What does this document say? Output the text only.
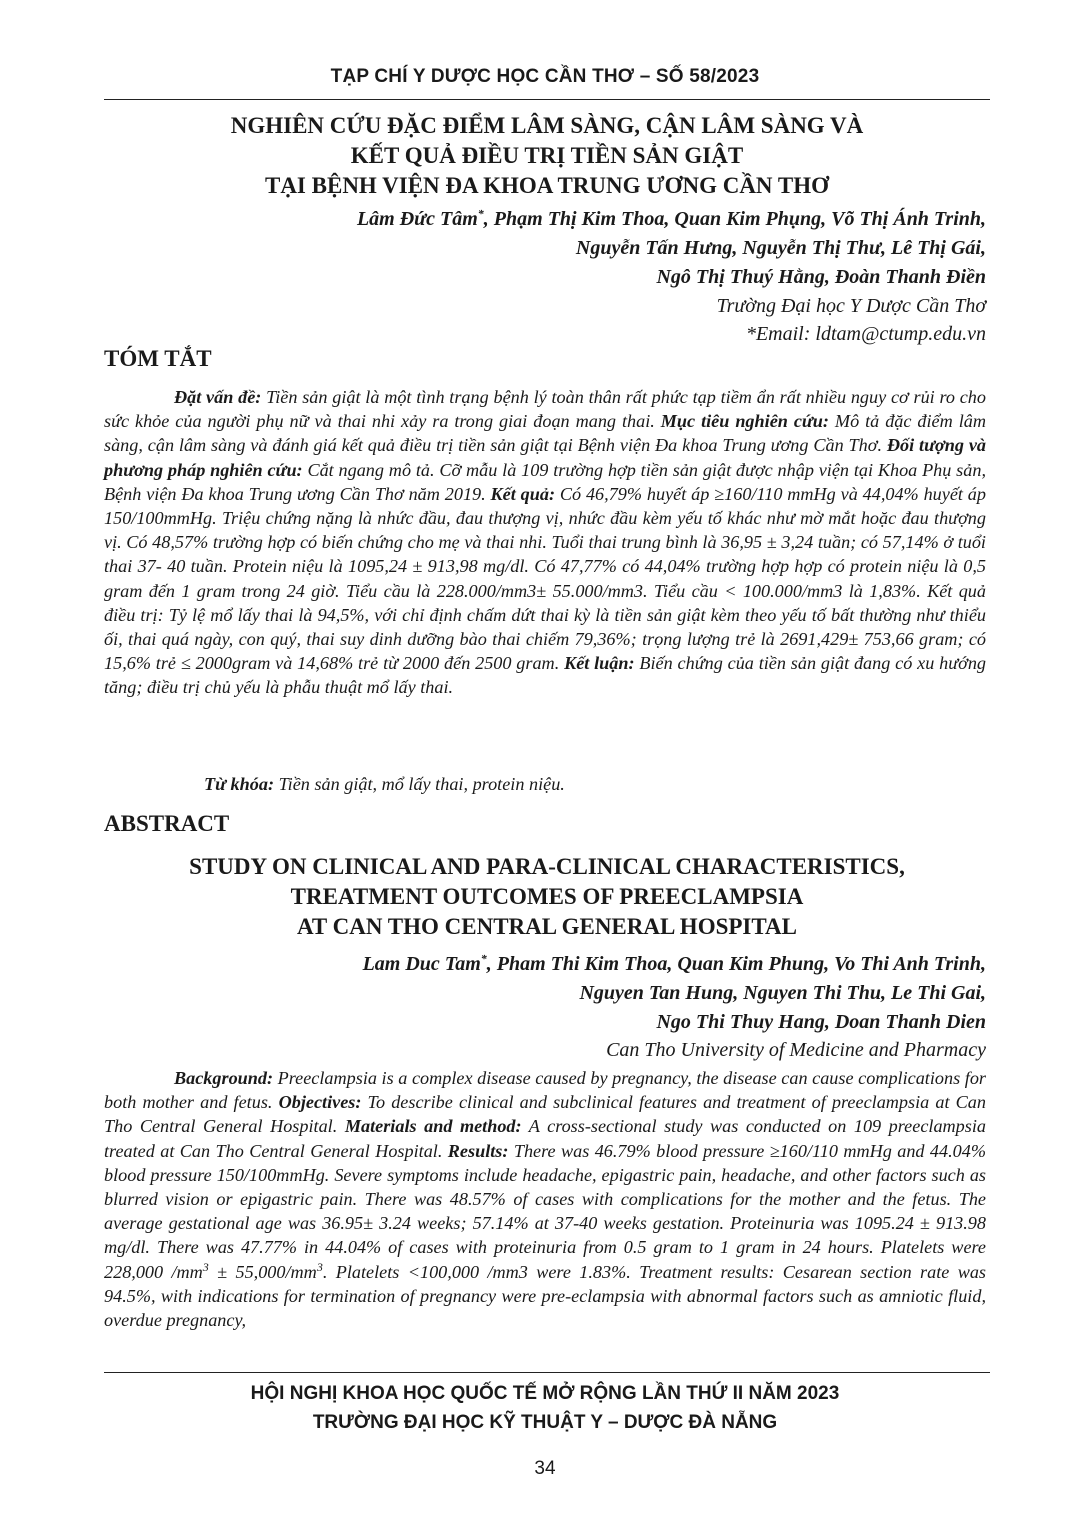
TẠP CHÍ Y DƯỢC HỌC CẦN THƠ – SỐ 58/2023
NGHIÊN CỨU ĐẶC ĐIỂM LÂM SÀNG, CẬN LÂM SÀNG VÀ
KẾT QUẢ ĐIỀU TRỊ TIỀN SẢN GIẬT
TẠI BỆNH VIỆN ĐA KHOA TRUNG ƯƠNG CẦN THƠ
Lâm Đức Tâm*, Phạm Thị Kim Thoa, Quan Kim Phụng, Võ Thị Ánh Trinh,
Nguyễn Tấn Hưng, Nguyễn Thị Thư, Lê Thị Gái,
Ngô Thị Thuý Hằng, Đoàn Thanh Điền
Trường Đại học Y Dược Cần Thơ
*Email: ldtam@ctump.edu.vn
TÓM TẮT

Đặt vấn đề: Tiền sản giật là một tình trạng bệnh lý toàn thân rất phức tạp tiềm ẩn rất nhiều nguy cơ rủi ro cho sức khỏe của người phụ nữ và thai nhi xảy ra trong giai đoạn mang thai. Mục tiêu nghiên cứu: Mô tả đặc điểm lâm sàng, cận lâm sàng và đánh giá kết quả điều trị tiền sản giật tại Bệnh viện Đa khoa Trung ương Cần Thơ. Đối tượng và phương pháp nghiên cứu: Cắt ngang mô tả. Cỡ mẫu là 109 trường hợp tiền sản giật được nhập viện tại Khoa Phụ sản, Bệnh viện Đa khoa Trung ương Cần Thơ năm 2019. Kết quả: Có 46,79% huyết áp ≥160/110 mmHg và 44,04% huyết áp 150/100mmHg. Triệu chứng nặng là nhức đầu, đau thượng vị, nhức đầu kèm yếu tố khác như mờ mắt hoặc đau thượng vị. Có 48,57% trường hợp có biến chứng cho mẹ và thai nhi. Tuổi thai trung bình là 36,95 ± 3,24 tuần; có 57,14% ở tuổi thai 37- 40 tuần. Protein niệu là 1095,24 ± 913,98 mg/dl. Có 47,77% có 44,04% trường hợp hợp có protein niệu là 0,5 gram đến 1 gram trong 24 giờ. Tiểu cầu là 228.000/mm3± 55.000/mm3. Tiểu cầu < 100.000/mm3 là 1,83%. Kết quả điều trị: Tỷ lệ mổ lấy thai là 94,5%, với chỉ định chấm dứt thai kỳ là tiền sản giật kèm theo yếu tố bất thường như thiểu ối, thai quá ngày, con quý, thai suy dinh dưỡng bào thai chiếm 79,36%; trọng lượng trẻ là 2691,429± 753,66 gram; có 15,6% trẻ ≤ 2000gram và 14,68% trẻ từ 2000 đến 2500 gram. Kết luận: Biến chứng của tiền sản giật đang có xu hướng tăng; điều trị chủ yếu là phẫu thuật mổ lấy thai.

Từ khóa: Tiền sản giật, mổ lấy thai, protein niệu.

ABSTRACT
STUDY ON CLINICAL AND PARA-CLINICAL CHARACTERISTICS,
TREATMENT OUTCOMES OF PREECLAMPSIA
AT CAN THO CENTRAL GENERAL HOSPITAL
Lam Duc Tam*, Pham Thi Kim Thoa, Quan Kim Phung, Vo Thi Anh Trinh,
Nguyen Tan Hung, Nguyen Thi Thu, Le Thi Gai,
Ngo Thi Thuy Hang, Doan Thanh Dien
Can Tho University of Medicine and Pharmacy

Background: Preeclampsia is a complex disease caused by pregnancy, the disease can cause complications for both mother and fetus. Objectives: To describe clinical and subclinical features and treatment of preeclampsia at Can Tho Central General Hospital. Materials and method: A cross-sectional study was conducted on 109 preeclampsia treated at Can Tho Central General Hospital. Results: There was 46.79% blood pressure ≥160/110 mmHg and 44.04% blood pressure 150/100mmHg. Severe symptoms include headache, epigastric pain, headache, and other factors such as blurred vision or epigastric pain. There was 48.57% of cases with complications for the mother and the fetus. The average gestational age was 36.95± 3.24 weeks; 57.14% at 37-40 weeks gestation. Proteinuria was 1095.24 ± 913.98 mg/dl. There was 47.77% in 44.04% of cases with proteinuria from 0.5 gram to 1 gram in 24 hours. Platelets were 228,000 $/mm^3 \pm 55,000/mm^3$. Platelets <100,000 /mm3 were 1.83%. Treatment results: Cesarean section rate was 94.5%, with indications for termination of pregnancy were pre-eclampsia with abnormal factors such as amniotic fluid, overdue pregnancy,

HỘI NGHỊ KHOA HỌC QUỐC TẾ MỞ RỘNG LẦN THỨ II NĂM 2023
TRƯỜNG ĐẠI HỌC KỸ THUẬT Y – DƯỢC ĐÀ NẴNG
34
